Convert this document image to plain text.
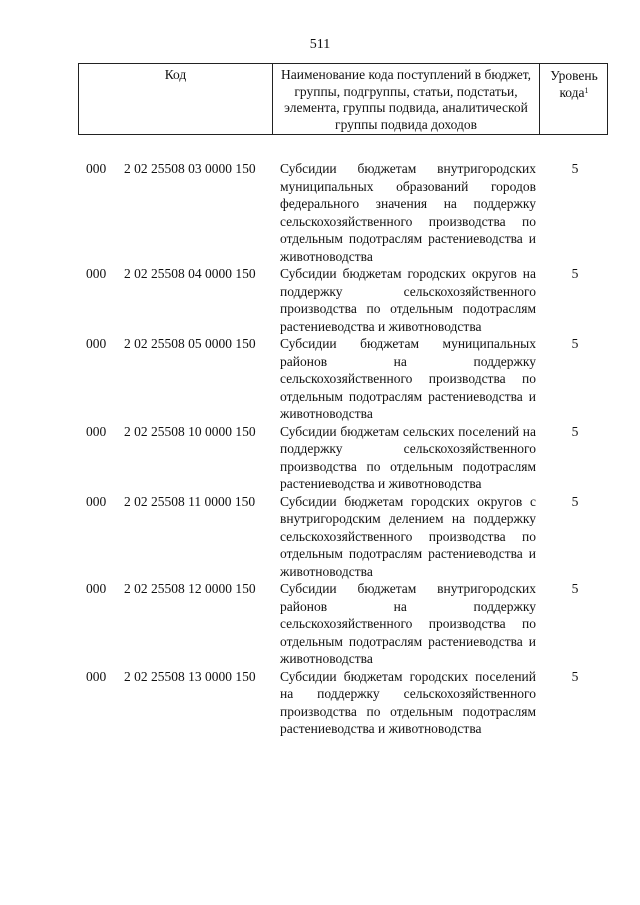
511
Код	Наименование кода поступлений в бюджет, группы, подгруппы, статьи, подстатьи, элемента, группы подвида, аналитической группы подвида доходов
Уровень кода$^1$
000 2 02 25508 03 0000 150 Субсидии бюджетам внутригородских муниципальных образований городов федерального значения на поддержку сельскохозяйственного производства по отдельным подотраслям растениеводства и животноводства
5
000 2 02 25508 04 0000 150 Субсидии бюджетам городских округов на поддержку сельскохозяйственного производства по отдельным подотраслям растениеводства и животноводства
5
000 2 02 25508 05 0000 150 Субсидии бюджетам муниципальных районов на поддержку сельскохозяйственного производства по отдельным подотраслям растениеводства и животноводства
5
000 2 02 25508 10 0000 150 Субсидии бюджетам сельских поселений на поддержку сельскохозяйственного производства по отдельным подотраслям растениеводства и животноводства
5
000 2 02 25508 11 0000 150 Субсидии бюджетам городских округов с внутригородским делением на поддержку сельскохозяйственного производства по отдельным подотраслям растениеводства и животноводства
5
000 2 02 25508 12 0000 150 Субсидии бюджетам внутригородских районов на поддержку сельскохозяйственного производства по отдельным подотраслям растениеводства и животноводства
5
000 2 02 25508 13 0000 150 Субсидии бюджетам городских поселений на поддержку сельскохозяйственного производства по отдельным подотраслям растениеводства и животноводства
5
